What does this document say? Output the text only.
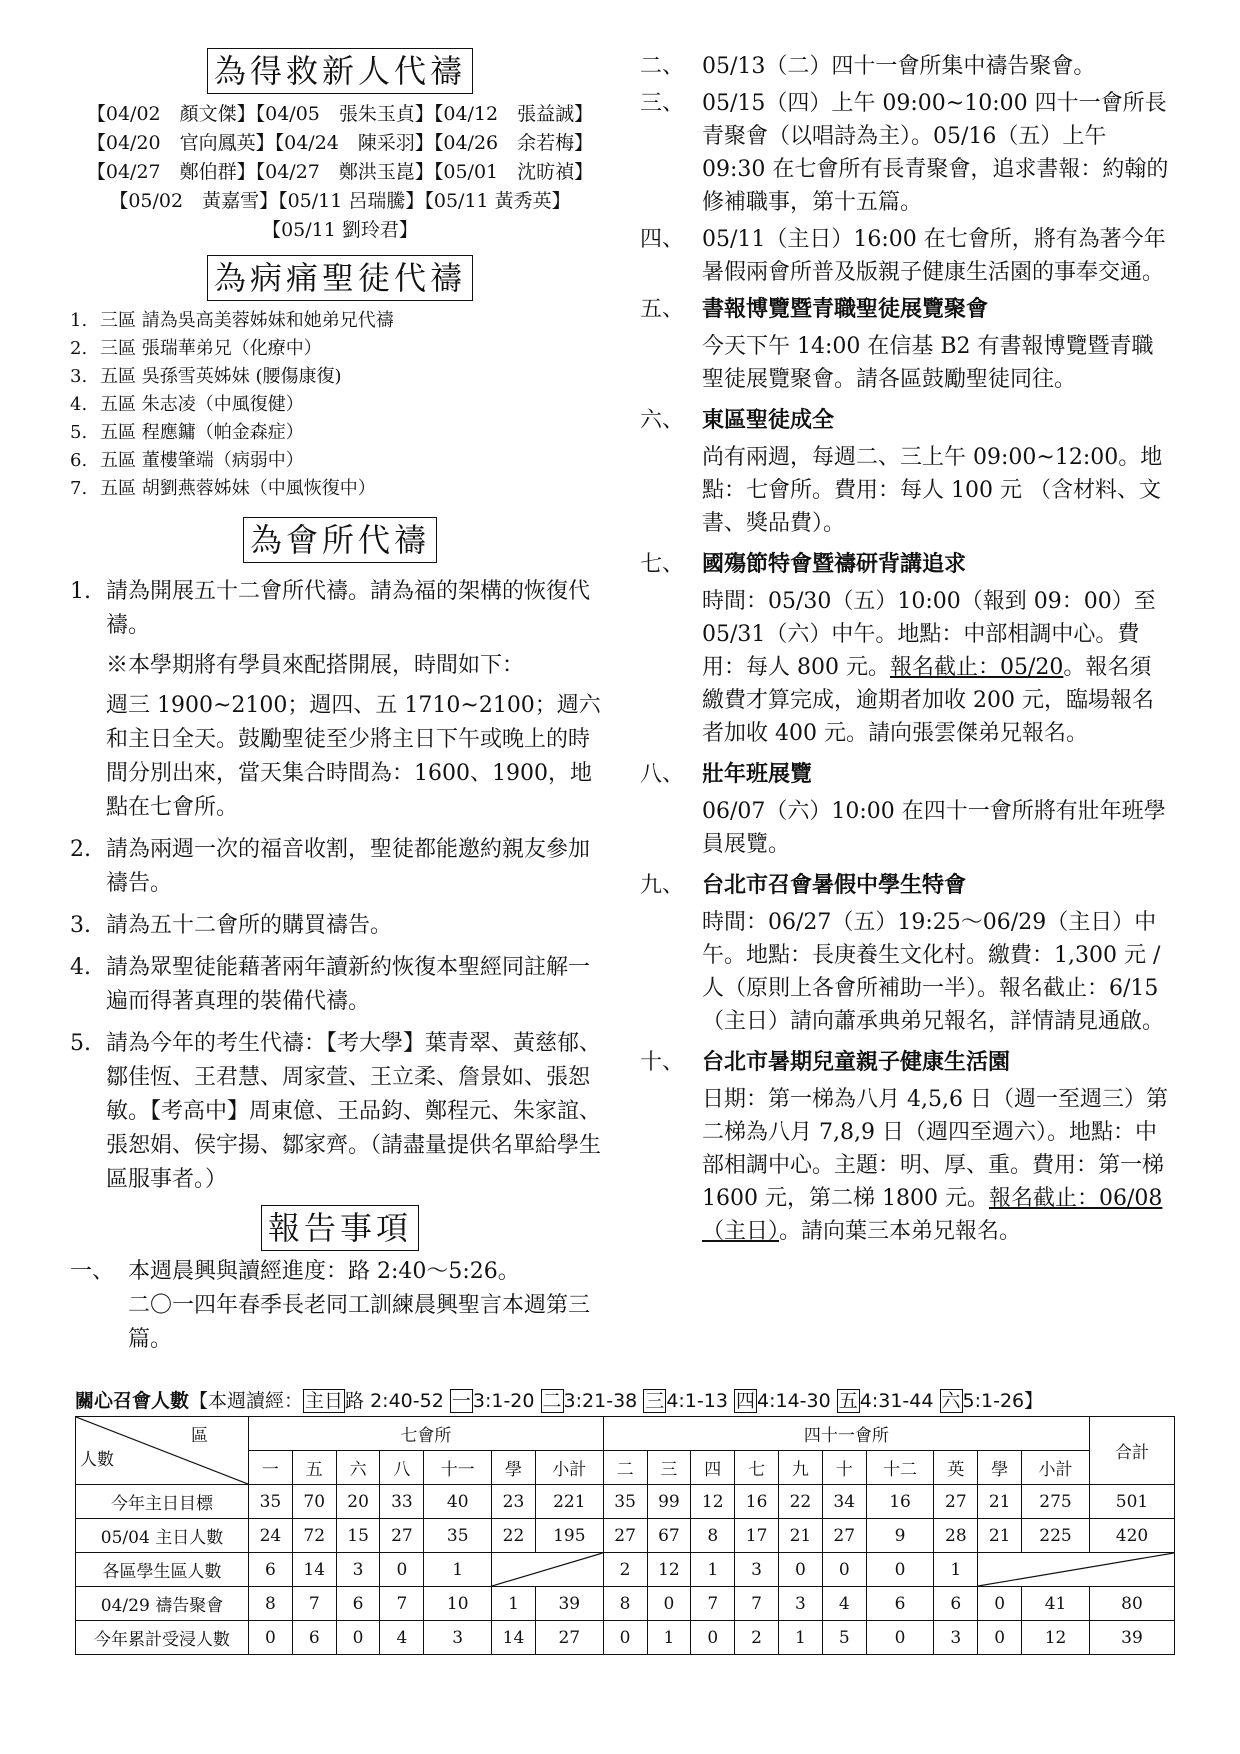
為得救新人代禱
【04/02　顏文傑】【04/05　張朱玉貞】【04/12　張益誠】
【04/20　官向鳳英】【04/24　陳采羽】【04/26　余若梅】
【04/27　鄭伯群】【04/27　鄭洪玉崑】【05/01　沈昉禎】
【05/02　黃嘉雪】【05/11 呂瑞騰】【05/11 黃秀英】
【05/11 劉玲君】
為病痛聖徒代禱
1. 三區 請為吳高美蓉姊妹和她弟兄代禱
2. 三區 張瑞華弟兄（化療中）
3. 五區 吳孫雪英姊妹 (腰傷康復)
4. 五區 朱志凌（中風復健）
5. 五區 程應鏞（帕金森症）
6. 五區 董樓肇端（病弱中）
7. 五區 胡劉燕蓉姊妹（中風恢復中）
為會所代禱
1. 請為開展五十二會所代禱。請為福的架構的恢復代禱。

※本學期將有學員來配搭開展，時間如下：

週三 1900~2100；週四、五 1710~2100；週六和主日全天。鼓勵聖徒至少將主日下午或晚上的時間分別出來，當天集合時間為：1600、1900，地點在七會所。

2. 請為兩週一次的福音收割，聖徒都能邀約親友參加禱告。

3. 請為五十二會所的購買禱告。

4. 請為眾聖徒能藉著兩年讀新約恢復本聖經同註解一遍而得著真理的裝備代禱。

5. 請為今年的考生代禱：【考大學】葉青翠、黃慈郁、鄒佳恆、王君慧、周家萱、王立柔、詹景如、張恕敏。【考高中】周東億、王品鈞、鄭程元、朱家誼、張恕娟、侯宇揚、鄒家齊。（請盡量提供名單給學生區服事者。）

報告事項
一、 本週晨興與讀經進度：路 2:40～5:26。
二〇一四年春季長老同工訓練晨興聖言本週第三篇。
二、 05/13（二）四十一會所集中禱告聚會。
三、 05/15（四）上午 09:00~10:00 四十一會所長青聚會（以唱詩為主）。05/16（五）上午 09:30 在七會所有長青聚會，追求書報：約翰的修補職事，第十五篇。
四、 05/11（主日）16:00 在七會所，將有為著今年暑假兩會所普及版親子健康生活園的事奉交通。
五、 書報博覽暨青職聖徒展覽聚會
今天下午 14:00 在信基 B2 有書報博覽暨青職聖徒展覽聚會。請各區鼓勵聖徒同往。
六、 東區聖徒成全
尚有兩週，每週二、三上午 09:00~12:00。地點：七會所。費用：每人 100 元 （含材料、文書、獎品費）。
七、 國殤節特會暨禱研背講追求
時間：05/30（五）10:00（報到 09：00）至05/31（六）中午。地點：中部相調中心。費用：每人 800 元。報名截止：05/20。報名須繳費才算完成，逾期者加收 200 元，臨場報名者加收 400 元。請向張雲傑弟兄報名。
八、 壯年班展覽
06/07（六）10:00 在四十一會所將有壯年班學員展覽。
九、 台北市召會暑假中學生特會
時間：06/27（五）19:25～06/29（主日）中午。地點：長庚養生文化村。繳費：1,300 元 /人（原則上各會所補助一半）。報名截止：6/15（主日）請向蕭承典弟兄報名，詳情請見通啟。
十、 台北市暑期兒童親子健康生活園
日期：第一梯為八月 4,5,6 日（週一至週三）第二梯為八月 7,8,9 日（週四至週六）。地點：中部相調中心。主題：明、厚、重。費用：第一梯 1600 元，第二梯 1800 元。報名截止：06/08（主日）。請向葉三本弟兄報名。
關心召會人數【本週讀經： 主日 路 2:40-52 一 3:1-20 二 3:21-38 三 4:1-13 四 4:14-30 五 4:31-44 六 5:1-26】
區
人數	七會所							四十一會所										合計
	一	五	六	八	十一	學	小計	二	三	四	七	九	十	十二	英	學	小計	
今年主日目標	35	70	20	33	40	23	221	35	99	12	16	22	34	16	27	21	275	501
05/04 主日人數	24	72	15	27	35	22	195	27	67	8	17	21	27	9	28	21	225	420
各區學生區人數	6	14	3	0	1			2	12	1	3	0	0	0	1	

04/29 禱告聚會	8	7	6	7	10	1	39	8	0	7	7	3	4	6	6	0	41	80
今年累計受浸人數	0	6	0	4	3	14	27	0	1	0	2	1	5	0	3	0	12	39
